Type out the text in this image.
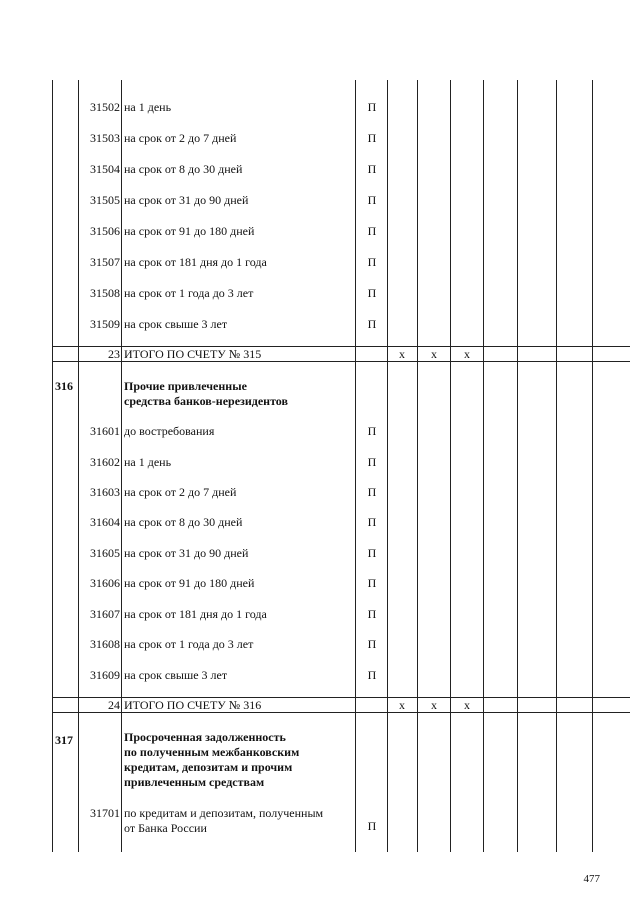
31502 на 1 день	П
31503 на срок от 2 до 7 дней	П
31504 на срок от 8 до 30 дней	П
31505 на срок от 31 до 90 дней	П
31506 на срок от 91 до 180 дней	П
31507 на срок от 181 дня до 1 года	П
31508 на срок от 1 года до 3 лет	П
31509 на срок свыше 3 лет	П
23 ИТОГО ПО СЧЕТУ № 315	x	x	x
316	Прочие привлеченные
средства банков-нерезидентов
31601 до востребования	П
31602 на 1 день	П
31603 на срок от 2 до 7 дней	П
31604 на срок от 8 до 30 дней	П
31605 на срок от 31 до 90 дней	П
31606 на срок от 91 до 180 дней	П
31607 на срок от 181 дня до 1 года	П
31608 на срок от 1 года до 3 лет	П
31609 на срок свыше 3 лет	П
24 ИТОГО ПО СЧЕТУ № 316	x	x	x
317	Просроченная задолженность
по полученным межбанковским
кредитам, депозитам и прочим
привлеченным средствам
31701 по кредитам и депозитам, полученным
от Банка России	П
477
